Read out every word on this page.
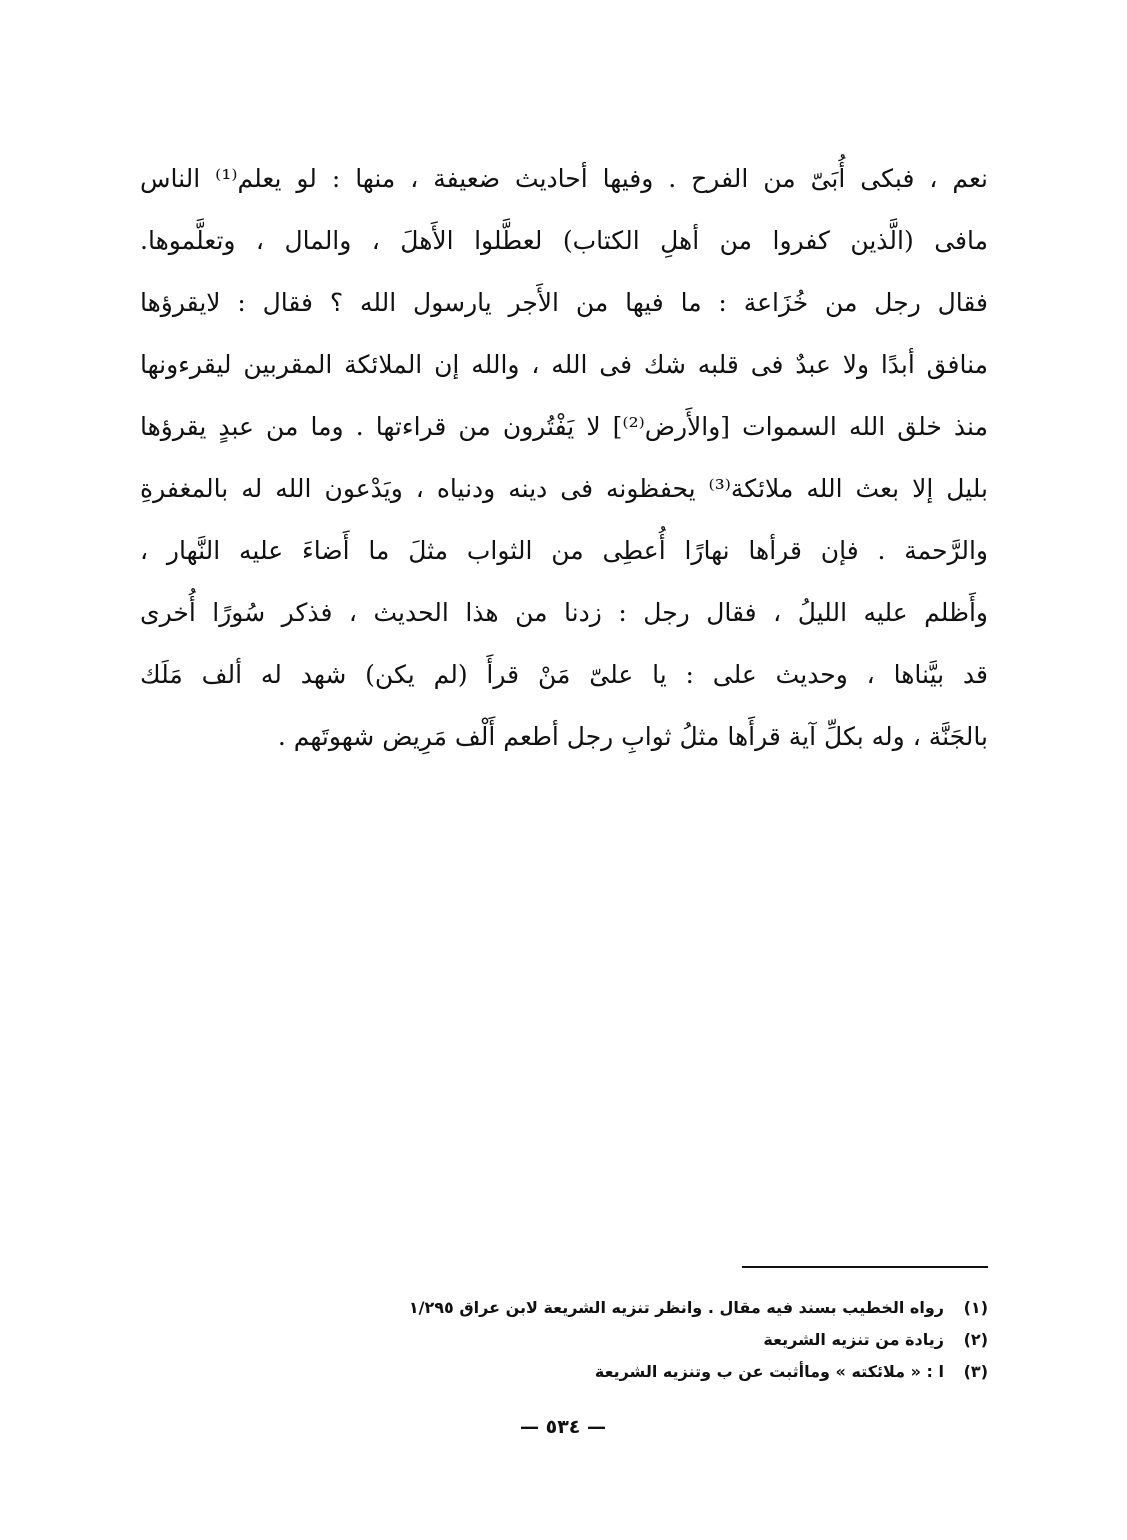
نعم ، فبكى أُبَىّ من الفرح . وفيها أحاديث ضعيفة ، منها : لو يعلم⁽¹⁾ الناس
مافى (الَّذين كفروا من أهلِ الكتاب) لعطَّلوا الأَهلَ ، والمال ، وتعلَّموها.
فقال رجل من خُزَاعة : ما فيها من الأَجر يارسول الله ؟ فقال : لايقرؤها
منافق أبدًا ولا عبدٌ فى قلبه شك فى الله ، والله إن الملائكة المقربين ليقرءونها
منذ خلق الله السموات [والأَرض⁽²⁾] لا يَفْتُرون من قراءتها . وما من عبدٍ يقرؤها
بليل إلا بعث الله ملائكة⁽³⁾ يحفظونه فى دينه ودنياه ، ويَدْعون الله له بالمغفرةِ
والرَّحمة . فإن قرأها نهارًا أُعطِى من الثواب مثلَ ما أَضاءَ عليه النَّهار ،
وأَظلم عليه الليلُ ، فقال رجل : زدنا من هذا الحديث ، فذكر سُورًا أُخرى
قد بيَّناها ، وحديث على : يا علىّ مَنْ قرأَ (لم يكن) شهد له ألف مَلَك
بالجَنَّة ، وله بكلِّ آية قرأَها مثلُ ثوابِ رجل أطعم أَلْف مَرِيض شهوتَهم .
(١)
رواه الخطيب بسند فيه مقال . وانظر تنزيه الشريعة لابن عراق ١/٢٩٥
(٢)
زيادة من تنزيه الشريعة
(٣)
ا : « ملائكته » وماأثبت عن ب وتنزيه الشريعة
— ٥٣٤ —
